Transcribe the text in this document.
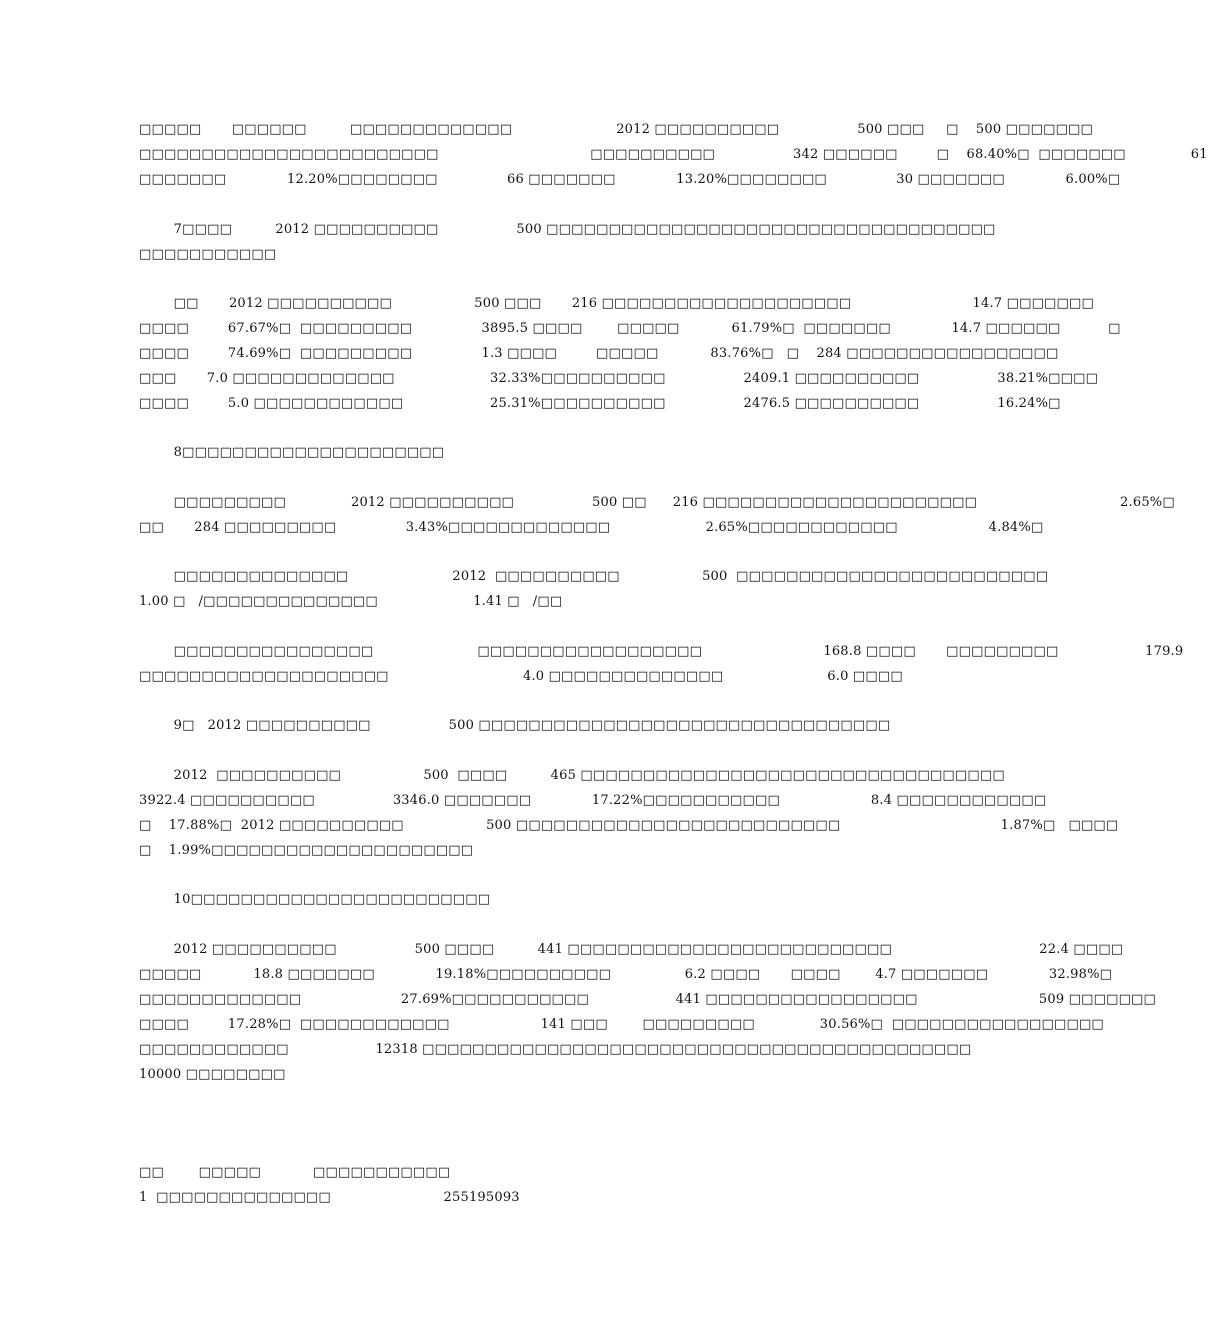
□□□□□       □□□□□□          □□□□□□□□□□□□□                        2012 □□□□□□□□□□                  500 □□□     □    500 □□□□□□□
□□□□□□□□□□□□□□□□□□□□□□□□                                   □□□□□□□□□□                  342 □□□□□□         □    68.40%□  □□□□□□□               61
□□□□□□□              12.20%□□□□□□□□                66 □□□□□□□              13.20%□□□□□□□□                30 □□□□□□□              6.00%□
7□□□□          2012 □□□□□□□□□□                  500 □□□□□□□□□□□□□□□□□□□□□□□□□□□□□□□□□□□□
□□□□□□□□□□□
□□       2012 □□□□□□□□□□                   500 □□□       216 □□□□□□□□□□□□□□□□□□□□                            14.7 □□□□□□□
□□□□         67.67%□  □□□□□□□□□                3895.5 □□□□        □□□□□            61.79%□  □□□□□□□              14.7 □□□□□□           □
□□□□         74.69%□  □□□□□□□□□                1.3 □□□□         □□□□□            83.76%□   □    284 □□□□□□□□□□□□□□□□□
□□□       7.0 □□□□□□□□□□□□□                      32.33%□□□□□□□□□□                  2409.1 □□□□□□□□□□                  38.21%□□□□
□□□□         5.0 □□□□□□□□□□□□                    25.31%□□□□□□□□□□                  2476.5 □□□□□□□□□□                  16.24%□
8□□□□□□□□□□□□□□□□□□□□□
□□□□□□□□□               2012 □□□□□□□□□□                  500 □□      216 □□□□□□□□□□□□□□□□□□□□□□                                 2.65%□
□□       284 □□□□□□□□□                3.43%□□□□□□□□□□□□□                      2.65%□□□□□□□□□□□□                     4.84%□
□□□□□□□□□□□□□□                        2012  □□□□□□□□□□                   500  □□□□□□□□□□□□□□□□□□□□□□□□□
1.00 □   /□□□□□□□□□□□□□□                      1.41 □   /□□
□□□□□□□□□□□□□□□□                        □□□□□□□□□□□□□□□□□□                            168.8 □□□□       □□□□□□□□□                    179.9
□□□□□□□□□□□□□□□□□□□□                               4.0 □□□□□□□□□□□□□□                        6.0 □□□□
9□   2012 □□□□□□□□□□                  500 □□□□□□□□□□□□□□□□□□□□□□□□□□□□□□□□□
2012  □□□□□□□□□□                   500  □□□□          465 □□□□□□□□□□□□□□□□□□□□□□□□□□□□□□□□□□
3922.4 □□□□□□□□□□                  3346.0 □□□□□□□              17.22%□□□□□□□□□□□                     8.4 □□□□□□□□□□□□
□    17.88%□  2012 □□□□□□□□□□                   500 □□□□□□□□□□□□□□□□□□□□□□□□□□                                     1.87%□   □□□□
□    1.99%□□□□□□□□□□□□□□□□□□□□□
10□□□□□□□□□□□□□□□□□□□□□□□□
2012 □□□□□□□□□□                  500 □□□□          441 □□□□□□□□□□□□□□□□□□□□□□□□□□                                  22.4 □□□□
□□□□□            18.8 □□□□□□□              19.18%□□□□□□□□□□                 6.2 □□□□       □□□□        4.7 □□□□□□□              32.98%□
□□□□□□□□□□□□□                       27.69%□□□□□□□□□□□                    441 □□□□□□□□□□□□□□□□□                            509 □□□□□□□
□□□□         17.28%□  □□□□□□□□□□□□                     141 □□□        □□□□□□□□□               30.56%□  □□□□□□□□□□□□□□□□□
□□□□□□□□□□□□                    12318 □□□□□□□□□□□□□□□□□□□□□□□□□□□□□□□□□□□□□□□□□□□□
10000 □□□□□□□□
□□        □□□□□            □□□□□□□□□□□
1  □□□□□□□□□□□□□□                          255195093
